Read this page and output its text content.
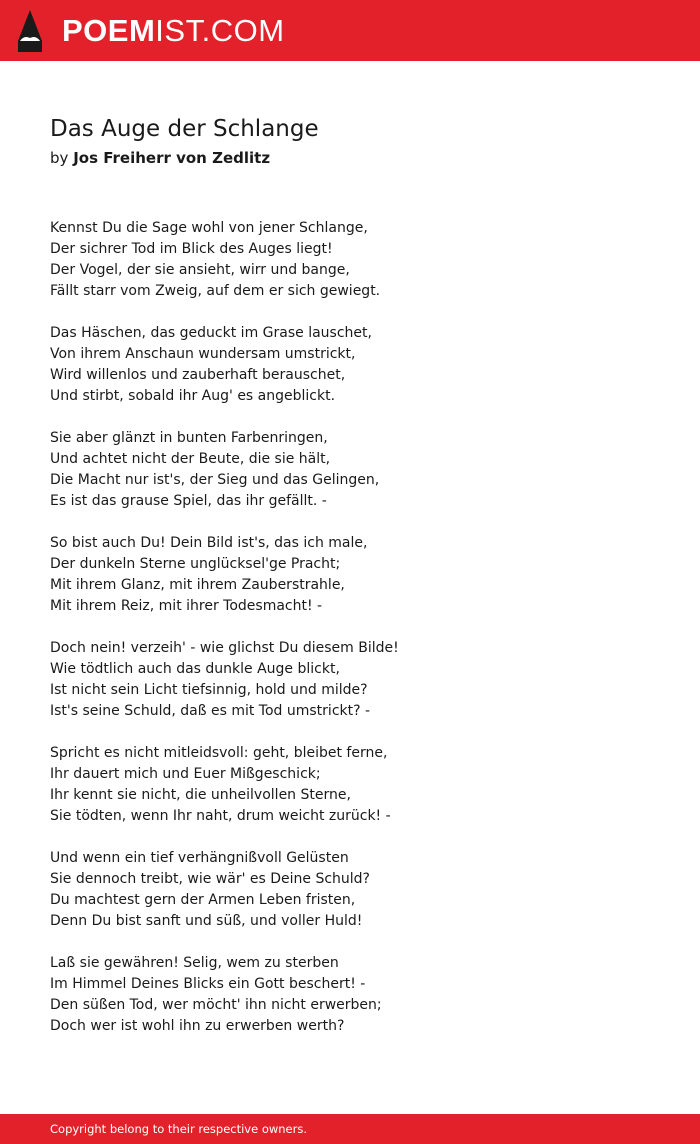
POEMIST.COM
Das Auge der Schlange
by Jos Freiherr von Zedlitz
Kennst Du die Sage wohl von jener Schlange,
Der sichrer Tod im Blick des Auges liegt!
Der Vogel, der sie ansieht, wirr und bange,
Fällt starr vom Zweig, auf dem er sich gewiegt.
Das Häschen, das geduckt im Grase lauschet,
Von ihrem Anschaun wundersam umstrickt,
Wird willenlos und zauberhaft berauschet,
Und stirbt, sobald ihr Aug' es angeblickt.
Sie aber glänzt in bunten Farbenringen,
Und achtet nicht der Beute, die sie hält,
Die Macht nur ist's, der Sieg und das Gelingen,
Es ist das grause Spiel, das ihr gefällt. -
So bist auch Du! Dein Bild ist's, das ich male,
Der dunkeln Sterne unglücksel'ge Pracht;
Mit ihrem Glanz, mit ihrem Zauberstrahle,
Mit ihrem Reiz, mit ihrer Todesmacht! -
Doch nein! verzeih' - wie glichst Du diesem Bilde!
Wie tödtlich auch das dunkle Auge blickt,
Ist nicht sein Licht tiefsinnig, hold und milde?
Ist's seine Schuld, daß es mit Tod umstrickt? -
Spricht es nicht mitleidsvoll: geht, bleibet ferne,
Ihr dauert mich und Euer Mißgeschick;
Ihr kennt sie nicht, die unheilvollen Sterne,
Sie tödten, wenn Ihr naht, drum weicht zurück! -
Und wenn ein tief verhängnißvoll Gelüsten
Sie dennoch treibt, wie wär' es Deine Schuld?
Du machtest gern der Armen Leben fristen,
Denn Du bist sanft und süß, und voller Huld!
Laß sie gewähren! Selig, wem zu sterben
Im Himmel Deines Blicks ein Gott beschert! -
Den süßen Tod, wer möcht' ihn nicht erwerben;
Doch wer ist wohl ihn zu erwerben werth?
Copyright belong to their respective owners.
